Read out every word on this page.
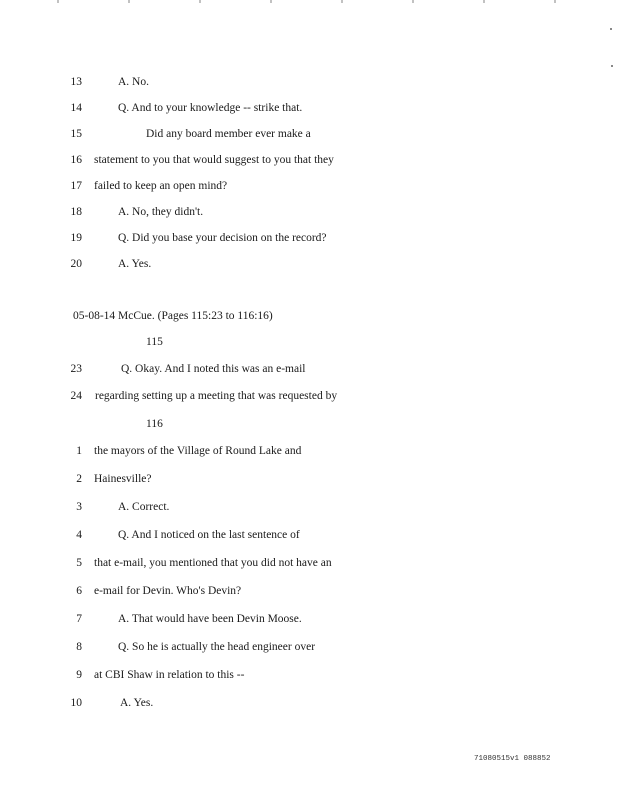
13	A. No.
14	Q. And to your knowledge -- strike that.
15	Did any board member ever make a
16 statement to you that would suggest to you that they
17 failed to keep an open mind?
18	A. No, they didn't.
19	Q. Did you base your decision on the record?
20	A. Yes.
05-08-14 McCue. (Pages 115:23 to 116:16)
115
23	Q. Okay. And I noted this was an e-mail
24 regarding setting up a meeting that was requested by
116
1 the mayors of the Village of Round Lake and
2 Hainesville?
3	A. Correct.
4	Q. And I noticed on the last sentence of
5 that e-mail, you mentioned that you did not have an
6 e-mail for Devin. Who's Devin?
7	A. That would have been Devin Moose.
8	Q. So he is actually the head engineer over
9 at CBI Shaw in relation to this --
10	A. Yes.
71080515v1 088852
